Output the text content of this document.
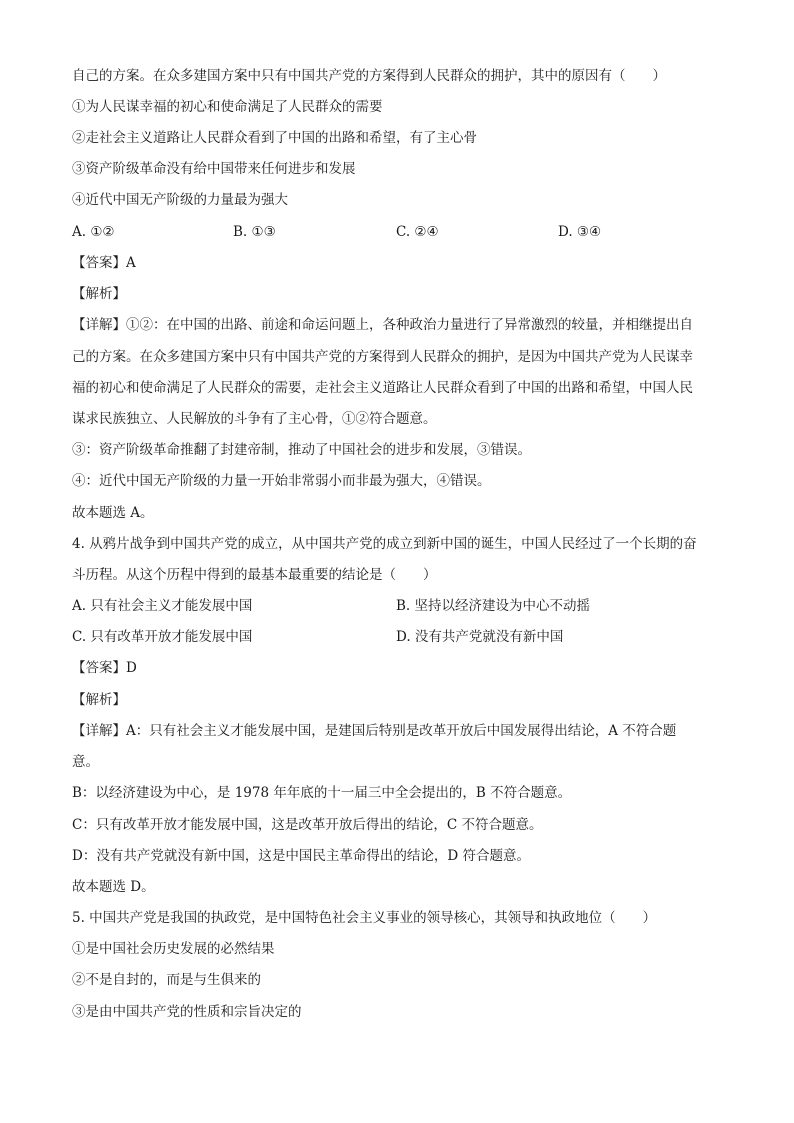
自己的方案。在众多建国方案中只有中国共产党的方案得到人民群众的拥护，其中的原因有（　　）
①为人民谋幸福的初心和使命满足了人民群众的需要
②走社会主义道路让人民群众看到了中国的出路和希望，有了主心骨
③资产阶级革命没有给中国带来任何进步和发展
④近代中国无产阶级的力量最为强大
A. ①②	B. ①③	C. ②④	D. ③④
【答案】A
【解析】
【详解】①②：在中国的出路、前途和命运问题上，各种政治力量进行了异常激烈的较量，并相继提出自
己的方案。在众多建国方案中只有中国共产党的方案得到人民群众的拥护，是因为中国共产党为人民谋幸
福的初心和使命满足了人民群众的需要，走社会主义道路让人民群众看到了中国的出路和希望，中国人民
谋求民族独立、人民解放的斗争有了主心骨，①②符合题意。
③：资产阶级革命推翻了封建帝制，推动了中国社会的进步和发展，③错误。
④：近代中国无产阶级的力量一开始非常弱小而非最为强大，④错误。
故本题选 A。
4. 从鸦片战争到中国共产党的成立，从中国共产党的成立到新中国的诞生，中国人民经过了一个长期的奋
斗历程。从这个历程中得到的最基本最重要的结论是（　　）
A. 只有社会主义才能发展中国	B. 坚持以经济建设为中心不动摇
C. 只有改革开放才能发展中国	D. 没有共产党就没有新中国
【答案】D
【解析】
【详解】A：只有社会主义才能发展中国，是建国后特别是改革开放后中国发展得出结论，A 不符合题
意。
B：以经济建设为中心，是 1978 年年底的十一届三中全会提出的，B 不符合题意。
C：只有改革开放才能发展中国，这是改革开放后得出的结论，C 不符合题意。
D：没有共产党就没有新中国，这是中国民主革命得出的结论，D 符合题意。
故本题选 D。
5. 中国共产党是我国的执政党，是中国特色社会主义事业的领导核心，其领导和执政地位（　　）
①是中国社会历史发展的必然结果
②不是自封的，而是与生俱来的
③是由中国共产党的性质和宗旨决定的
